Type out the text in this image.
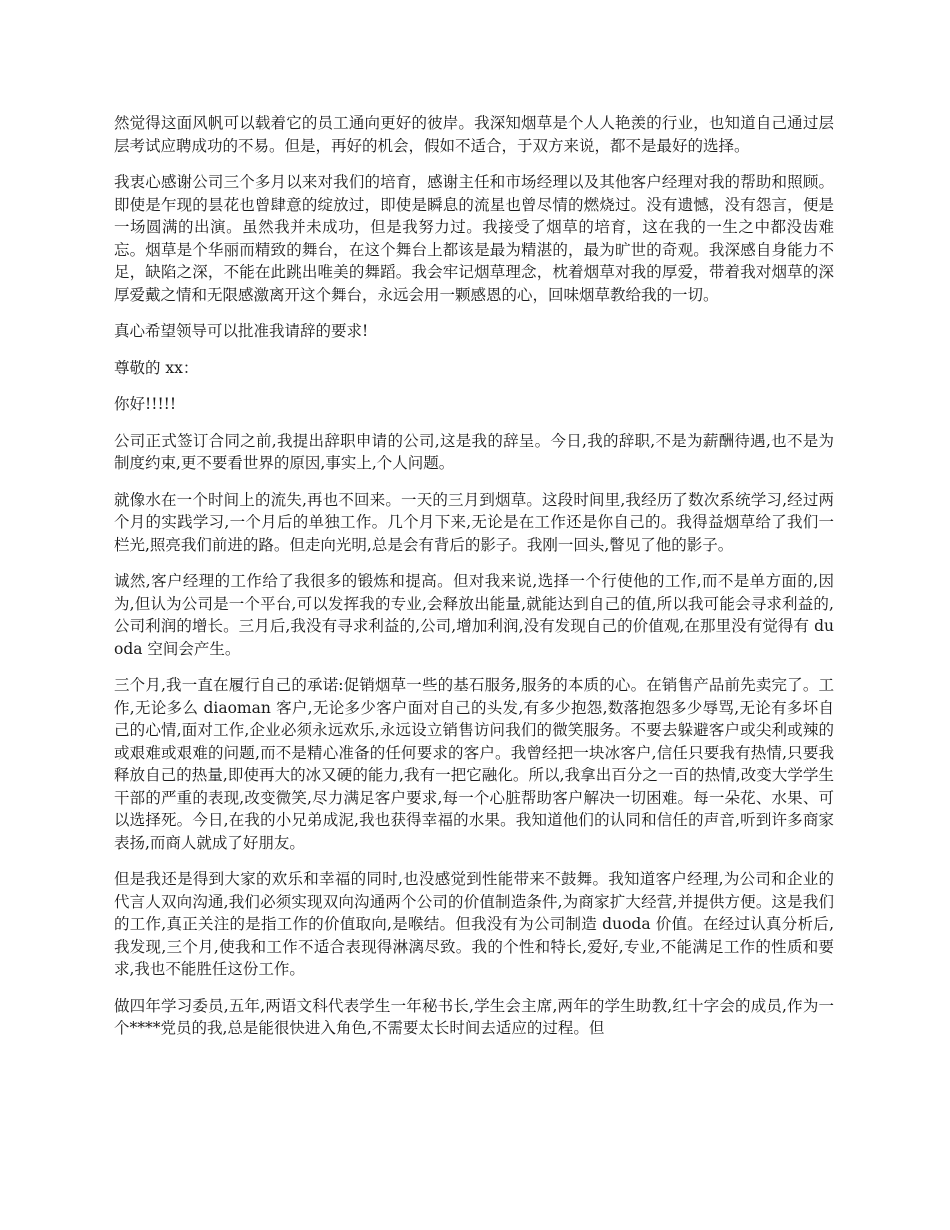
然觉得这面风帆可以载着它的员工通向更好的彼岸。我深知烟草是个人人艳羡的行业，也知道自己通过层层考试应聘成功的不易。但是，再好的机会，假如不适合，于双方来说，都不是最好的选择。

我衷心感谢公司三个多月以来对我们的培育，感谢主任和市场经理以及其他客户经理对我的帮助和照顾。即使是乍现的昙花也曾肆意的绽放过，即使是瞬息的流星也曾尽情的燃烧过。没有遗憾，没有怨言，便是一场圆满的出演。虽然我并未成功，但是我努力过。我接受了烟草的培育，这在我的一生之中都没齿难忘。烟草是个华丽而精致的舞台，在这个舞台上都该是最为精湛的，最为旷世的奇观。我深感自身能力不足，缺陷之深，不能在此跳出唯美的舞蹈。我会牢记烟草理念，枕着烟草对我的厚爱，带着我对烟草的深厚爱戴之情和无限感激离开这个舞台，永远会用一颗感恩的心，回味烟草教给我的一切。

真心希望领导可以批准我请辞的要求!

尊敬的 xx：

你好!!!!!

公司正式签订合同之前,我提出辞职申请的公司,这是我的辞呈。今日,我的辞职,不是为薪酬待遇,也不是为制度约束,更不要看世界的原因,事实上,个人问题。

就像水在一个时间上的流失,再也不回来。一天的三月到烟草。这段时间里,我经历了数次系统学习,经过两个月的实践学习,一个月后的单独工作。几个月下来,无论是在工作还是你自己的。我得益烟草给了我们一栏光,照亮我们前进的路。但走向光明,总是会有背后的影子。我刚一回头,瞥见了他的影子。

诚然,客户经理的工作给了我很多的锻炼和提高。但对我来说,选择一个行使他的工作,而不是单方面的,因为,但认为公司是一个平台,可以发挥我的专业,会释放出能量,就能达到自己的值,所以我可能会寻求利益的,公司利润的增长。三月后,我没有寻求利益的,公司,增加利润,没有发现自己的价值观,在那里没有觉得有 duoda 空间会产生。

三个月,我一直在履行自己的承诺:促销烟草一些的基石服务,服务的本质的心。在销售产品前先卖完了。工作,无论多么 diaoman 客户,无论多少客户面对自己的头发,有多少抱怨,数落抱怨多少辱骂,无论有多坏自己的心情,面对工作,企业必须永远欢乐,永远设立销售访问我们的微笑服务。不要去躲避客户或尖利或辣的或艰难或艰难的问题,而不是精心准备的任何要求的客户。我曾经把一块冰客户,信任只要我有热情,只要我释放自己的热量,即使再大的冰又硬的能力,我有一把它融化。所以,我拿出百分之一百的热情,改变大学学生干部的严重的表现,改变微笑,尽力满足客户要求,每一个心脏帮助客户解决一切困难。每一朵花、水果、可以选择死。今日,在我的小兄弟成泥,我也获得幸福的水果。我知道他们的认同和信任的声音,听到许多商家表扬,而商人就成了好朋友。

但是我还是得到大家的欢乐和幸福的同时,也没感觉到性能带来不鼓舞。我知道客户经理,为公司和企业的代言人双向沟通,我们必须实现双向沟通两个公司的价值制造条件,为商家扩大经营,并提供方便。这是我们的工作,真正关注的是指工作的价值取向,是喉结。但我没有为公司制造 duoda 价值。在经过认真分析后,我发现,三个月,使我和工作不适合表现得淋漓尽致。我的个性和特长,爱好,专业,不能满足工作的性质和要求,我也不能胜任这份工作。

做四年学习委员,五年,两语文科代表学生一年秘书长,学生会主席,两年的学生助教,红十字会的成员,作为一个****党员的我,总是能很快进入角色,不需要太长时间去适应的过程。但
